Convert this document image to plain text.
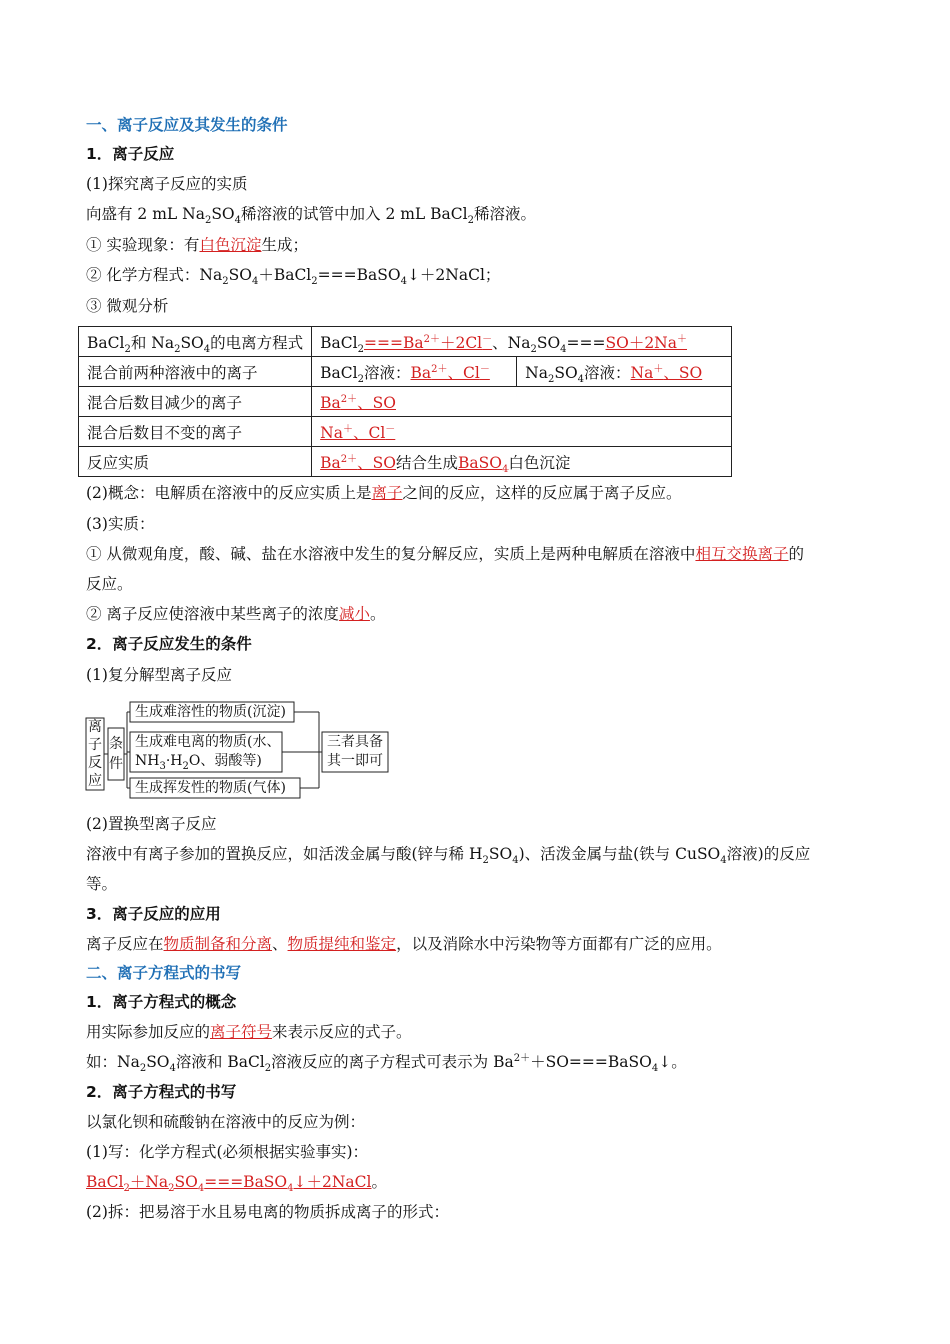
一、离子反应及其发生的条件
1．离子反应
(1)探究离子反应的实质
向盛有 2 mL $Na_2SO_4$稀溶液的试管中加入 2 mL BaCl$_2$稀溶液。
① 实验现象：有白色沉淀生成；
② 化学方程式：$Na_2SO_4+BaCl_2===BaSO_4↓+2NaCl$；
③ 微观分析
BaCl$_2$和 $Na_2SO_4$的电离方程式	$BaCl_2===Ba^{2+}+2Cl^-$、$Na_2SO_4===SO+2Na^+$
混合前两种溶液中的离子	BaCl$_2$溶液：$Ba^{2+}$、Cl－	$Na_2SO_4$溶液：Na＋、SO
混合后数目减少的离子	$Ba^{2+}$、SO	
混合后数目不变的离子	Na＋、Cl－
反应实质	$Ba^{2+}$、SO结合生成BaSO$_4$白色沉淀	
(2)概念：电解质在溶液中的反应实质上是离子之间的反应，这样的反应属于离子反应。
(3)实质：
① 从微观角度，酸、碱、盐在水溶液中发生的复分解反应，实质上是两种电解质在溶液中相互交换离子的
反应。
② 离子反应使溶液中某些离子的浓度减小。
2．离子反应发生的条件
(1)复分解型离子反应
离
子
反
应
条
件
生成难溶性的物质(沉淀)
生成难电离的物质(水、
$NH_3\cdot H_2O$、弱酸等)
生成挥发性的物质(气体)
三者具备
其一即可
(2)置换型离子反应
溶液中有离子参加的置换反应，如活泼金属与酸(锌与稀 $H_2SO_4$)、活泼金属与盐(铁与 CuSO$_4$溶液)的反应
等。
3．离子反应的应用
离子反应在物质制备和分离、物质提纯和鉴定，以及消除水中污染物等方面都有广泛的应用。
二、离子方程式的书写
1．离子方程式的概念
用实际参加反应的离子符号来表示反应的式子。
如：$Na_2SO_4$溶液和 BaCl$_2$溶液反应的离子方程式可表示为 $Ba^{2+}+SO===BaSO_4↓$。
2．离子方程式的书写
以氯化钡和硫酸钠在溶液中的反应为例：
(1)写：化学方程式(必须根据实验事实)：
$BaCl_2+Na_2SO_4===BaSO_4↓+2NaCl$。
(2)拆：把易溶于水且易电离的物质拆成离子的形式：
